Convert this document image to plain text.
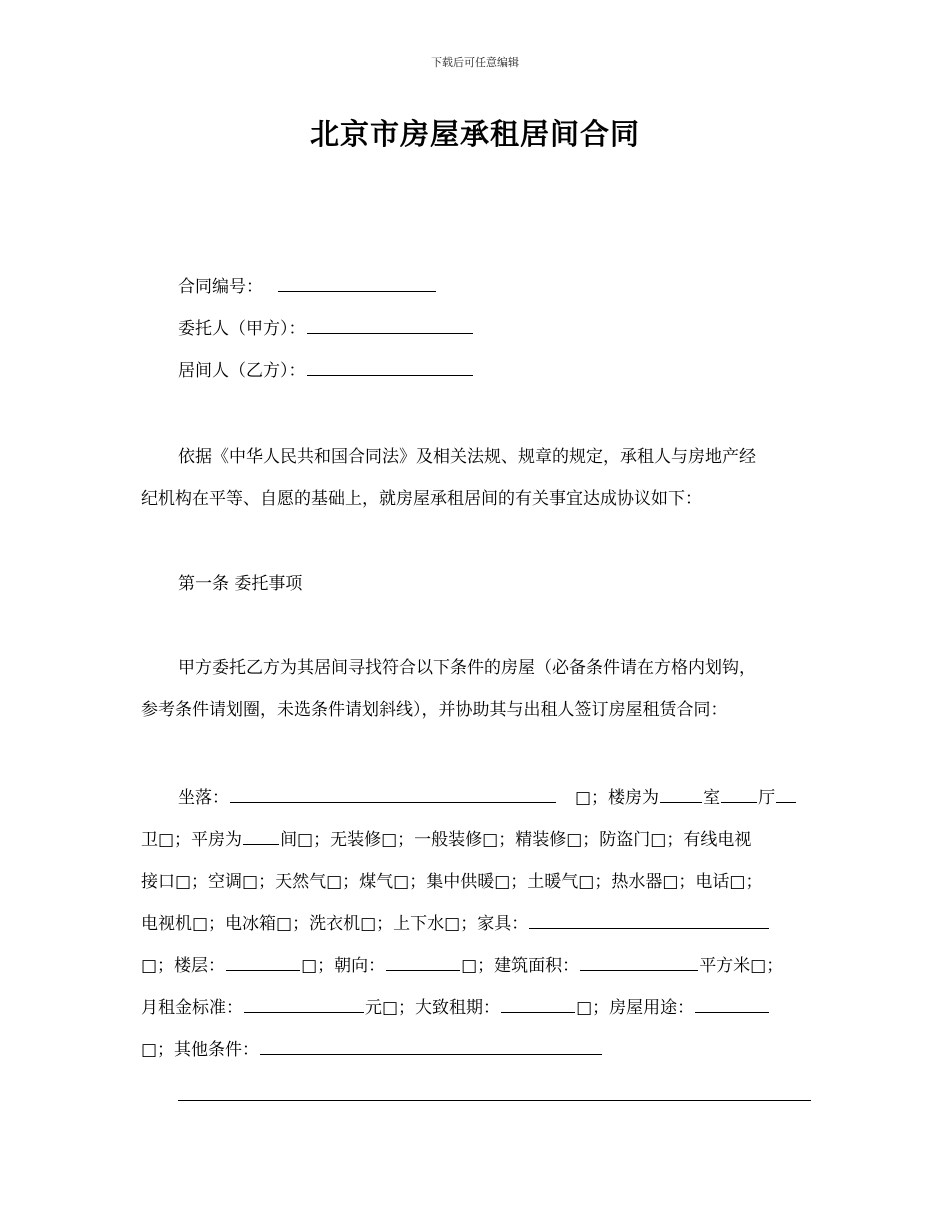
下载后可任意编辑
北京市房屋承租居间合同
合同编号：
委托人（甲方）：
居间人（乙方）：
依据《中华人民共和国合同法》及相关法规、规章的规定，承租人与房地产经
纪机构在平等、自愿的基础上，就房屋承租居间的有关事宜达成协议如下：
第一条 委托事项
甲方委托乙方为其居间寻找符合以下条件的房屋（必备条件请在方格内划钩，
参考条件请划圈，未选条件请划斜线），并协助其与出租人签订房屋租赁合同：
坐落：	□；楼房为	室 厅
卫□；平房为 间□；无装修□；一般装修□；精装修□；防盗门□；有线电视
接口□；空调□；天然气□；煤气□；集中供暖□；土暖气□；热水器□；电话□；
电视机□；电冰箱□；洗衣机□；上下水□；家具：
□；楼层：	□；朝向：	□；建筑面积：	平方米□；
月租金标准：	元□；大致租期：	□；房屋用途：
□；其他条件：
